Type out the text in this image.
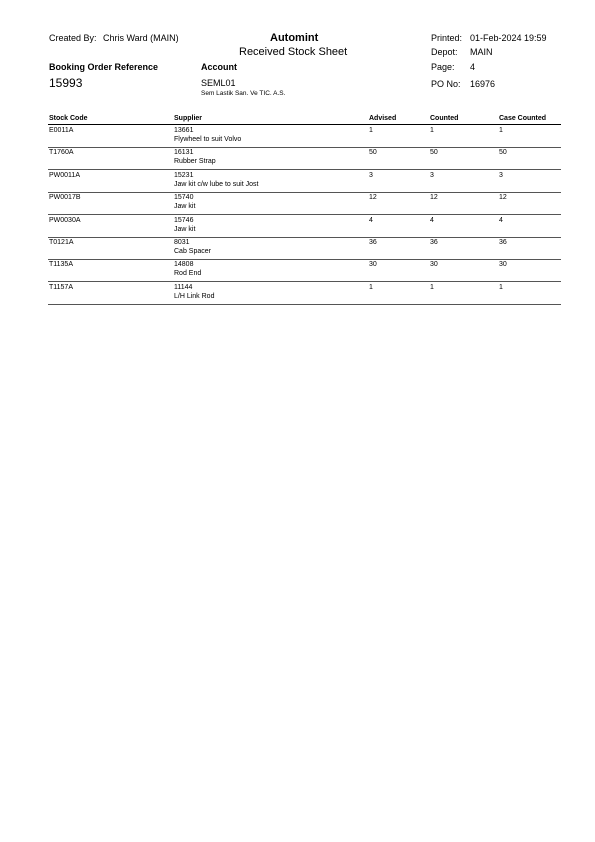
Created By: Chris Ward (MAIN)	Automint
Received Stock Sheet
Printed: 01-Feb-2024 19:59
Depot: MAIN
Page: 4
PO No: 16976
Booking Order Reference
15993
Account
SEML01
Sem Lastik San. Ve TIC. A.S.
Stock Code	Supplier	Advised	Counted	Case Counted
E0011A	13661	1	1	1
Flywheel to suit Volvo
T1760A	16131	50	50	50
Rubber Strap
PW0011A	15231	3	3	3
Jaw kit c/w lube to suit Jost
PW0017B	15740	12	12	12
Jaw kit
PW0030A	15746	4	4	4
Jaw kit
T0121A	8031	36	36	36
Cab Spacer
T1135A	14808	30	30	30
Rod End
T1157A	11144	1	1	1
L/H Link Rod
